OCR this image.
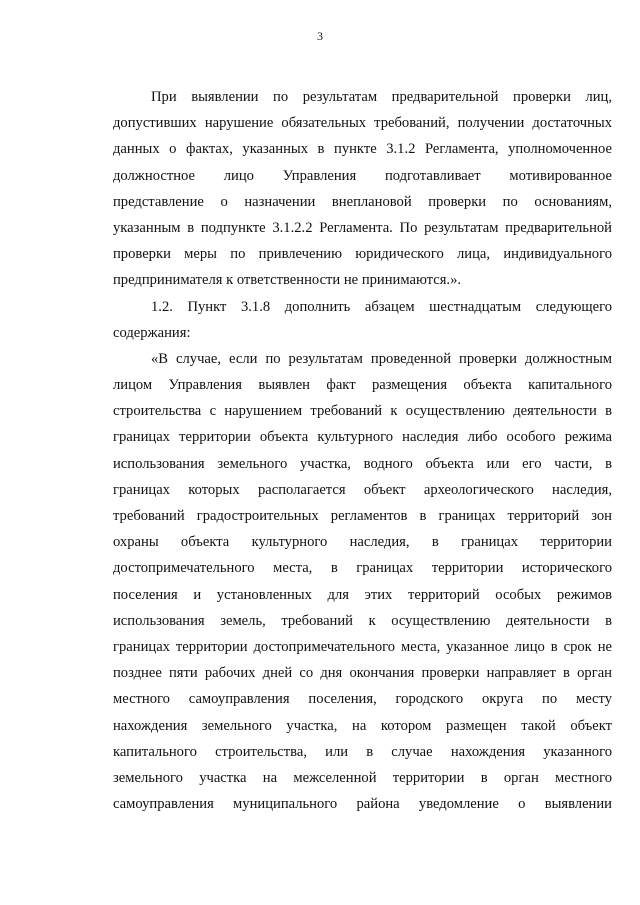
3
При выявлении по результатам предварительной проверки лиц,
допустивших нарушение обязательных требований, получении достаточных
данных о фактах, указанных в пункте 3.1.2 Регламента, уполномоченное
должностное лицо Управления подготавливает мотивированное
представление о назначении внеплановой проверки по основаниям,
указанным в подпункте 3.1.2.2 Регламента. По результатам предварительной
проверки меры по привлечению юридического лица, индивидуального
предпринимателя к ответственности не принимаются.».
1.2. Пункт 3.1.8 дополнить абзацем шестнадцатым следующего
содержания:
«В случае, если по результатам проведенной проверки должностным
лицом Управления выявлен факт размещения объекта капитального
строительства с нарушением требований к осуществлению деятельности в
границах территории объекта культурного наследия либо особого режима
использования земельного участка, водного объекта или его части, в
границах которых располагается объект археологического наследия,
требований градостроительных регламентов в границах территорий зон
охраны объекта культурного наследия, в границах территории
достопримечательного места, в границах территории исторического
поселения и установленных для этих территорий особых режимов
использования земель, требований к осуществлению деятельности в
границах территории достопримечательного места, указанное лицо в срок не
позднее пяти рабочих дней со дня окончания проверки направляет в орган
местного самоуправления поселения, городского округа по месту
нахождения земельного участка, на котором размещен такой объект
капитального строительства, или в случае нахождения указанного
земельного участка на межселенной территории в орган местного
самоуправления муниципального района уведомление о выявлении
